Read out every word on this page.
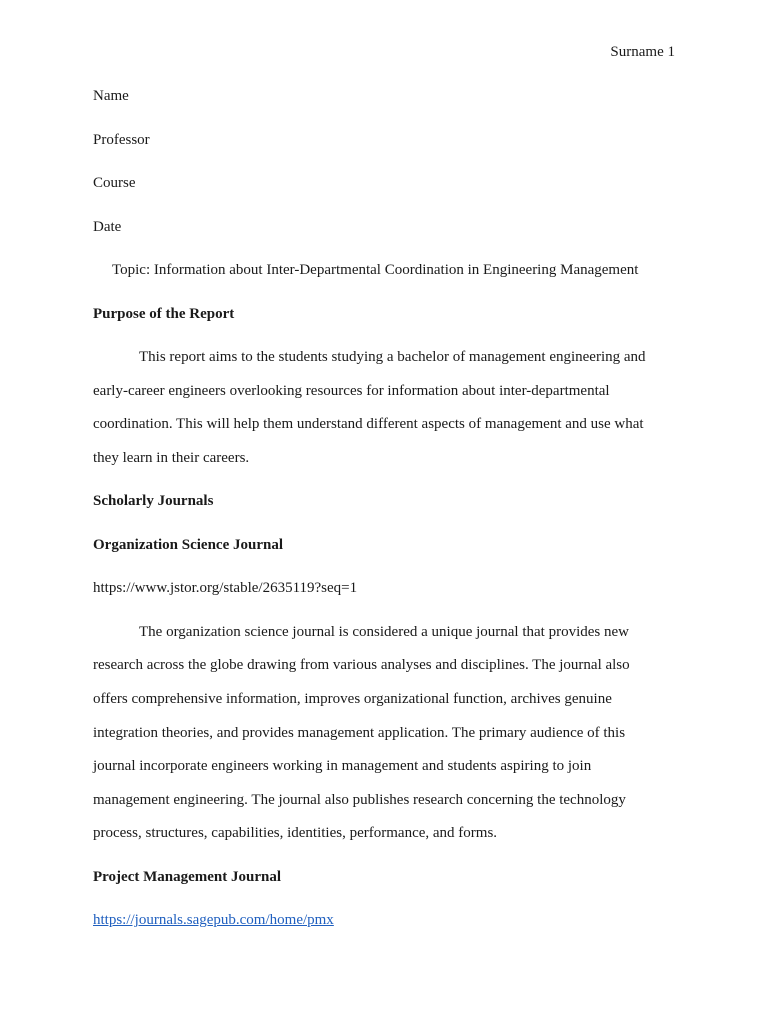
Surname 1
Name
Professor
Course
Date
Topic: Information about Inter-Departmental Coordination in Engineering Management
Purpose of the Report
This report aims to the students studying a bachelor of management engineering and
early-career engineers overlooking resources for information about inter-departmental
coordination. This will help them understand different aspects of management and use what
they learn in their careers.
Scholarly Journals
Organization Science Journal
https://www.jstor.org/stable/2635119?seq=1
The organization science journal is considered a unique journal that provides new
research across the globe drawing from various analyses and disciplines. The journal also
offers comprehensive information, improves organizational function, archives genuine
integration theories, and provides management application. The primary audience of this
journal incorporate engineers working in management and students aspiring to join
management engineering. The journal also publishes research concerning the technology
process, structures, capabilities, identities, performance, and forms.
Project Management Journal
https://journals.sagepub.com/home/pmx
